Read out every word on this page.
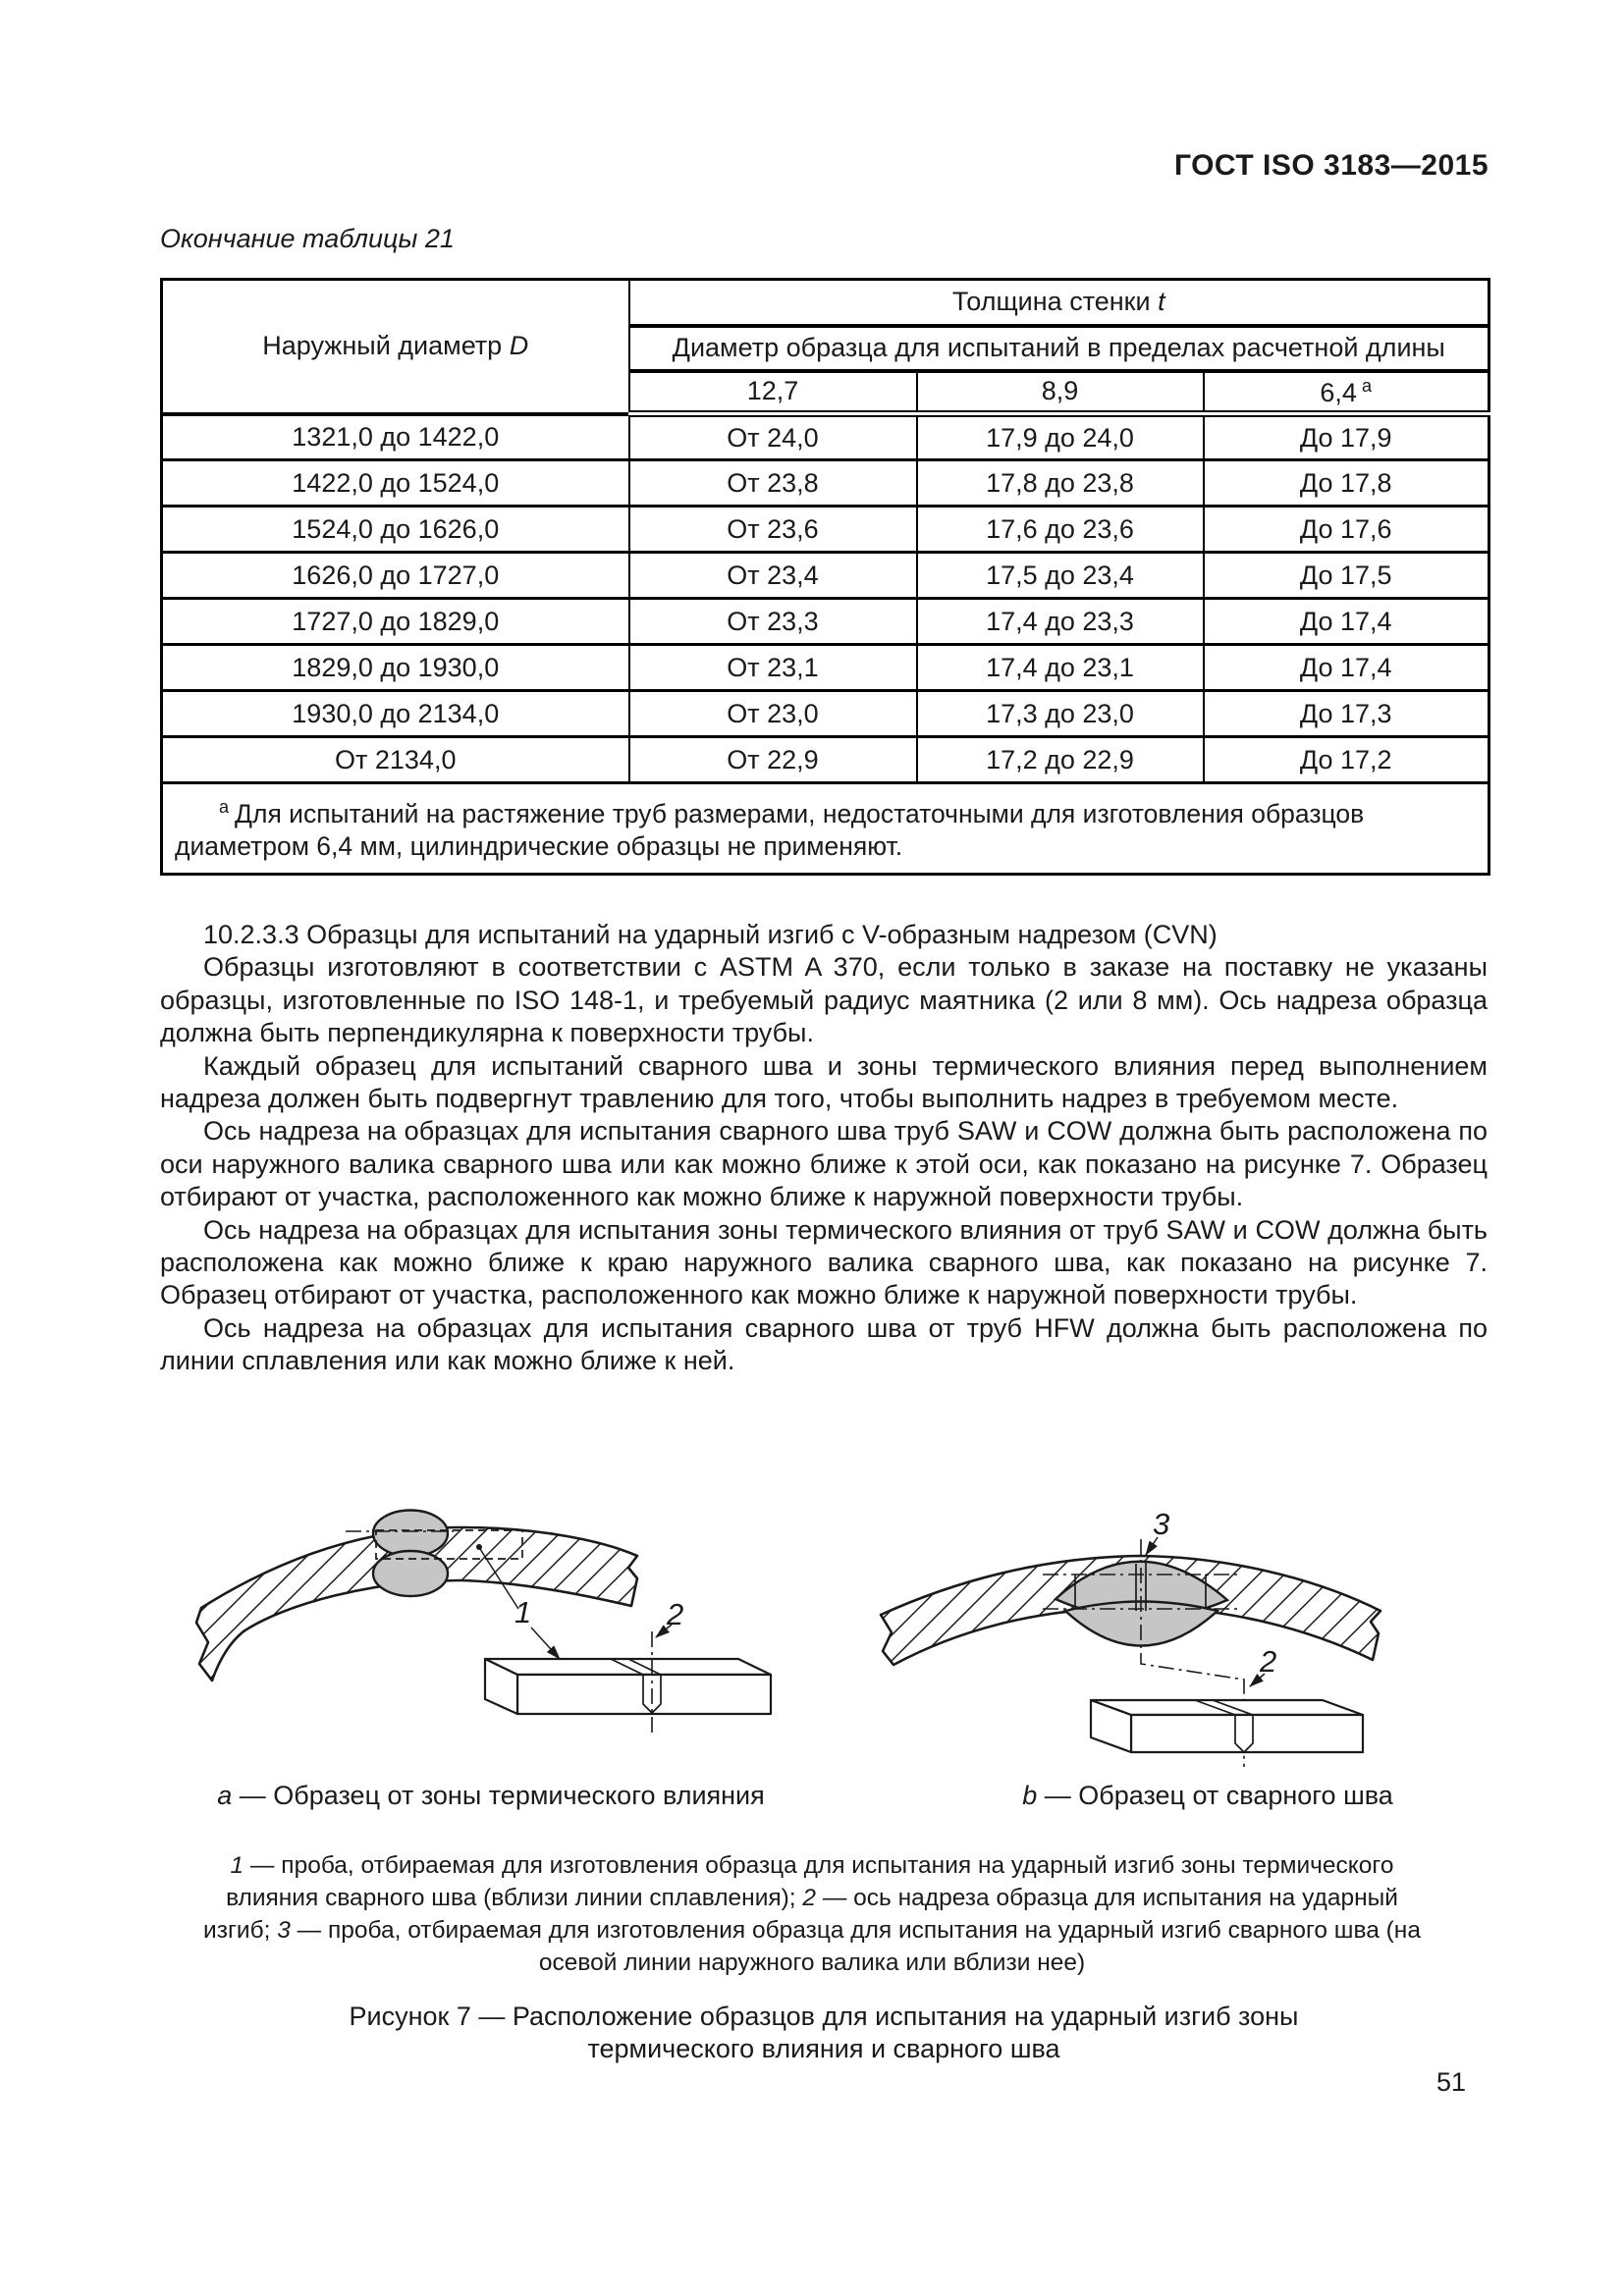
ГОСТ ISO 3183—2015
Окончание таблицы 21
Наружный диаметр D	Толщина стенки t		
	Диаметр образца для испытаний в пределах расчетной длины		
	12,7	8,9	6,4 $^a$
1321,0 до 1422,0	От 24,0	17,9 до 24,0	До 17,9
1422,0 до 1524,0	От 23,8	17,8 до 23,8	До 17,8
1524,0 до 1626,0	От 23,6	17,6 до 23,6	До 17,6
1626,0 до 1727,0	От 23,4	17,5 до 23,4	До 17,5
1727,0 до 1829,0	От 23,3	17,4 до 23,3	До 17,4
1829,0 до 1930,0	От 23,1	17,4 до 23,1	До 17,4
1930,0 до 2134,0	От 23,0	17,3 до 23,0	До 17,3
От 2134,0	От 22,9	17,2 до 22,9	До 17,2

$^a$ Для испытаний на растяжение труб размерами, недостаточными для изготовления образцов диаметром 6,4 мм, цилиндрические образцы не применяют.			

10.2.3.3 Образцы для испытаний на ударный изгиб с V-образным надрезом (CVN)

Образцы изготовляют в соответствии с ASTM A 370, если только в заказе на поставку не указаны образцы, изготовленные по ISO 148-1, и требуемый радиус маятника (2 или 8 мм). Ось надреза образца должна быть перпендикулярна к поверхности трубы.

Каждый образец для испытаний сварного шва и зоны термического влияния перед выполнением надреза должен быть подвергнут травлению для того, чтобы выполнить надрез в требуемом месте.

Ось надреза на образцах для испытания сварного шва труб SAW и COW должна быть расположена по оси наружного валика сварного шва или как можно ближе к этой оси, как показано на рисунке 7. Образец отбирают от участка, расположенного как можно ближе к наружной поверхности трубы.

Ось надреза на образцах для испытания зоны термического влияния от труб SAW и COW должна быть расположена как можно ближе к краю наружного валика сварного шва, как показано на рисунке 7. Образец отбирают от участка, расположенного как можно ближе к наружной поверхности трубы.

Ось надреза на образцах для испытания сварного шва от труб HFW должна быть расположена по линии сплавления или как можно ближе к ней.

1	2
3
2
a — Образец от зоны термического влияния	b — Образец от сварного шва
1 — проба, отбираемая для изготовления образца для испытания на ударный изгиб зоны термического влияния сварного шва (вблизи линии сплавления); 2 — ось надреза образца для испытания на ударный изгиб; 3 — проба, отбираемая для изготовления образца для испытания на ударный изгиб сварного шва (на осевой линии наружного валика или вблизи нее)
Рисунок 7 — Расположение образцов для испытания на ударный изгиб зоны
термического влияния и сварного шва
51
